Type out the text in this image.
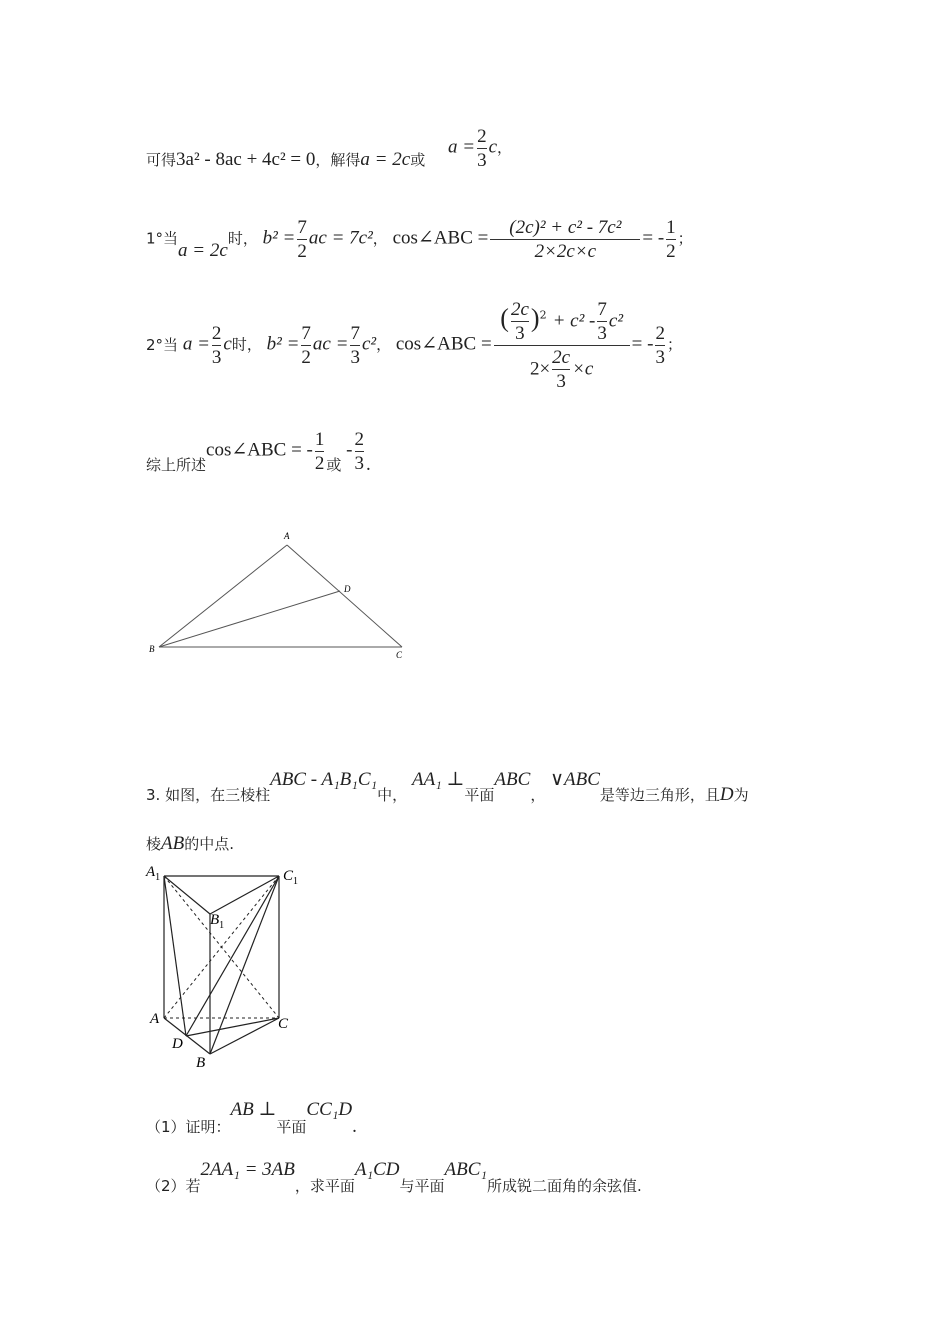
可得3a² - 8ac + 4c² = 0，解得a = 2c或
$a = \frac{2}{3}$ c，
1°当a = 2c时， $b^2 = \frac{7}{2}$ ac = 7c²， cos∠ABC = $\frac{\text{(2c)² + c² - 7c²}}{2\times 2c\times c}$ = - $\frac{1}{2}$ ；
2°当 $a = \frac{2}{3}$ c时， $b^2 = \frac{7}{2}$ ac = $\frac{7}{3} c^2$， cos∠ABC = $\frac{( \frac{2c}{3} )^2 + c^2 - \frac{7}{3} c^2}{2\times \frac{2c}{3} \times c}$ = - $\frac{2}{3}$ ；
综上所述cos∠ABC = - $\frac{1}{2}$ 或 - $\frac{2}{3}$ .
A
D
B
C
3. 如图，在三棱柱ABC - A₁B₁C₁中， AA₁ ⊥平面ABC， ∨ABC是等边三角形，且D为
棱AB的中点.
$A_1$	$C_1$
$B_1$
A	C
D
B
（1）证明：AB ⊥平面CC₁D.
（2）若2AA₁ = 3AB，求平面A₁CD与平面ABC₁所成锐二面角的余弦值.
